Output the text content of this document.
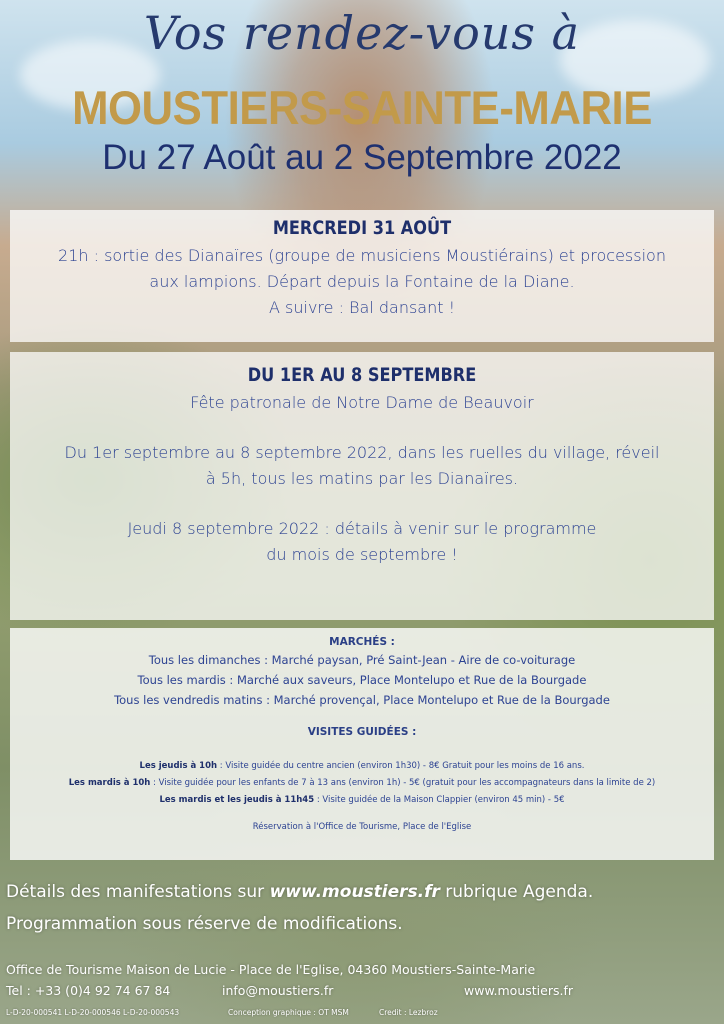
Vos rendez-vous à
MOUSTIERS-SAINTE-MARIE
Du 27 Août au 2 Septembre 2022
MERCREDI 31 AOÛT
21h : sortie des Dianaïres (groupe de musiciens Moustiérains) et procession
aux lampions. Départ depuis la Fontaine de la Diane.
A suivre : Bal dansant !
DU 1ER AU 8 SEPTEMBRE
Fête patronale de Notre Dame de Beauvoir
Du 1er septembre au 8 septembre 2022, dans les ruelles du village, réveil
à 5h, tous les matins par les Dianaïres.
Jeudi 8 septembre 2022 : détails à venir sur le programme
du mois de septembre !
MARCHÉS :
Tous les dimanches : Marché paysan, Pré Saint-Jean - Aire de co-voiturage
Tous les mardis : Marché aux saveurs, Place Montelupo et Rue de la Bourgade
Tous les vendredis matins : Marché provençal, Place Montelupo et Rue de la Bourgade
VISITES GUIDÉES :
Les jeudis à 10h : Visite guidée du centre ancien (environ 1h30) - 8€ Gratuit pour les moins de 16 ans.
Les mardis à 10h : Visite guidée pour les enfants de 7 à 13 ans (environ 1h) - 5€ (gratuit pour les accompagnateurs dans la limite de 2)
Les mardis et les jeudis à 11h45 : Visite guidée de la Maison Clappier (environ 45 min) - 5€
Réservation à l'Office de Tourisme, Place de l'Eglise
Détails des manifestations sur www.moustiers.fr rubrique Agenda.
Programmation sous réserve de modifications.
Office de Tourisme Maison de Lucie - Place de l'Eglise, 04360 Moustiers-Sainte-Marie
Tel : +33 (0)4 92 74 67 84	info@moustiers.fr	www.moustiers.fr
L-D-20-000541 L-D-20-000546 L-D-20-000543	Conception graphique : OT MSM	Credit : Lezbroz
